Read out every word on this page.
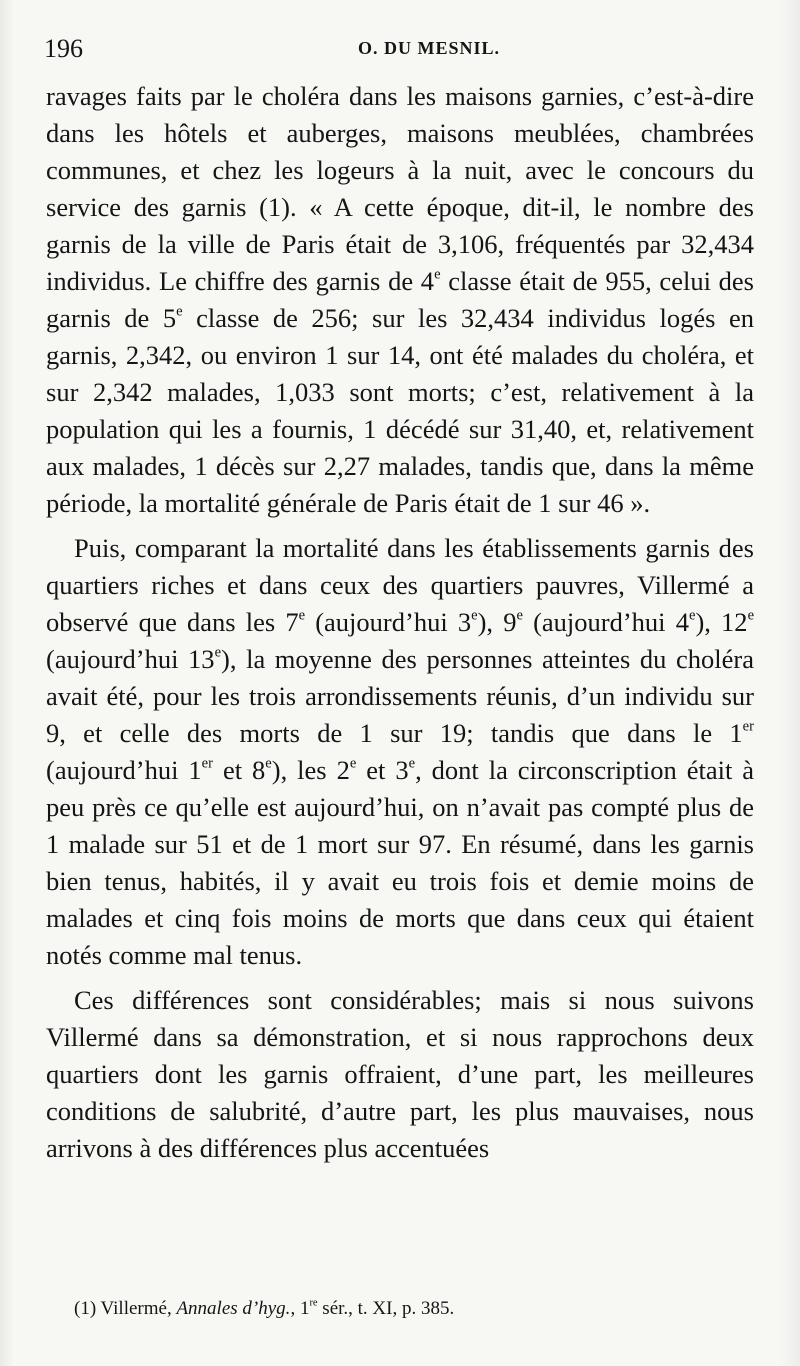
196	O. DU MESNIL.

ravages faits par le choléra dans les maisons garnies, c’est-à-dire dans les hôtels et auberges, maisons meublées, chambrées communes, et chez les logeurs à la nuit, avec le concours du service des garnis (1). « A cette époque, dit-il, le nombre des garnis de la ville de Paris était de 3,106, fréquentés par 32,434 individus. Le chiffre des garnis de 4e classe était de 955, celui des garnis de 5e classe de 256; sur les 32,434 individus logés en garnis, 2,342, ou environ 1 sur 14, ont été malades du choléra, et sur 2,342 malades, 1,033 sont morts; c’est, relativement à la population qui les a fournis, 1 décédé sur 31,40, et, relativement aux malades, 1 décès sur 2,27 malades, tandis que, dans la même période, la mortalité générale de Paris était de 1 sur 46 ».

Puis, comparant la mortalité dans les établissements garnis des quartiers riches et dans ceux des quartiers pauvres, Villermé a observé que dans les 7e (aujourd’hui 3e), 9e (aujourd’hui 4e), 12e (aujourd’hui 13e), la moyenne des personnes atteintes du choléra avait été, pour les trois arrondissements réunis, d’un individu sur 9, et celle des morts de 1 sur 19; tandis que dans le 1er (aujourd’hui 1er et 8e), les 2e et 3e, dont la circonscription était à peu près ce qu’elle est aujourd’hui, on n’avait pas compté plus de 1 malade sur 51 et de 1 mort sur 97. En résumé, dans les garnis bien tenus, habités, il y avait eu trois fois et demie moins de malades et cinq fois moins de morts que dans ceux qui étaient notés comme mal tenus.

Ces différences sont considérables; mais si nous suivons Villermé dans sa démonstration, et si nous rapprochons deux quartiers dont les garnis offraient, d’une part, les meilleures conditions de salubrité, d’autre part, les plus mauvaises, nous arrivons à des différences plus accentuées

(1) Villermé, Annales d’hyg., 1re sér., t. XI, p. 385.
